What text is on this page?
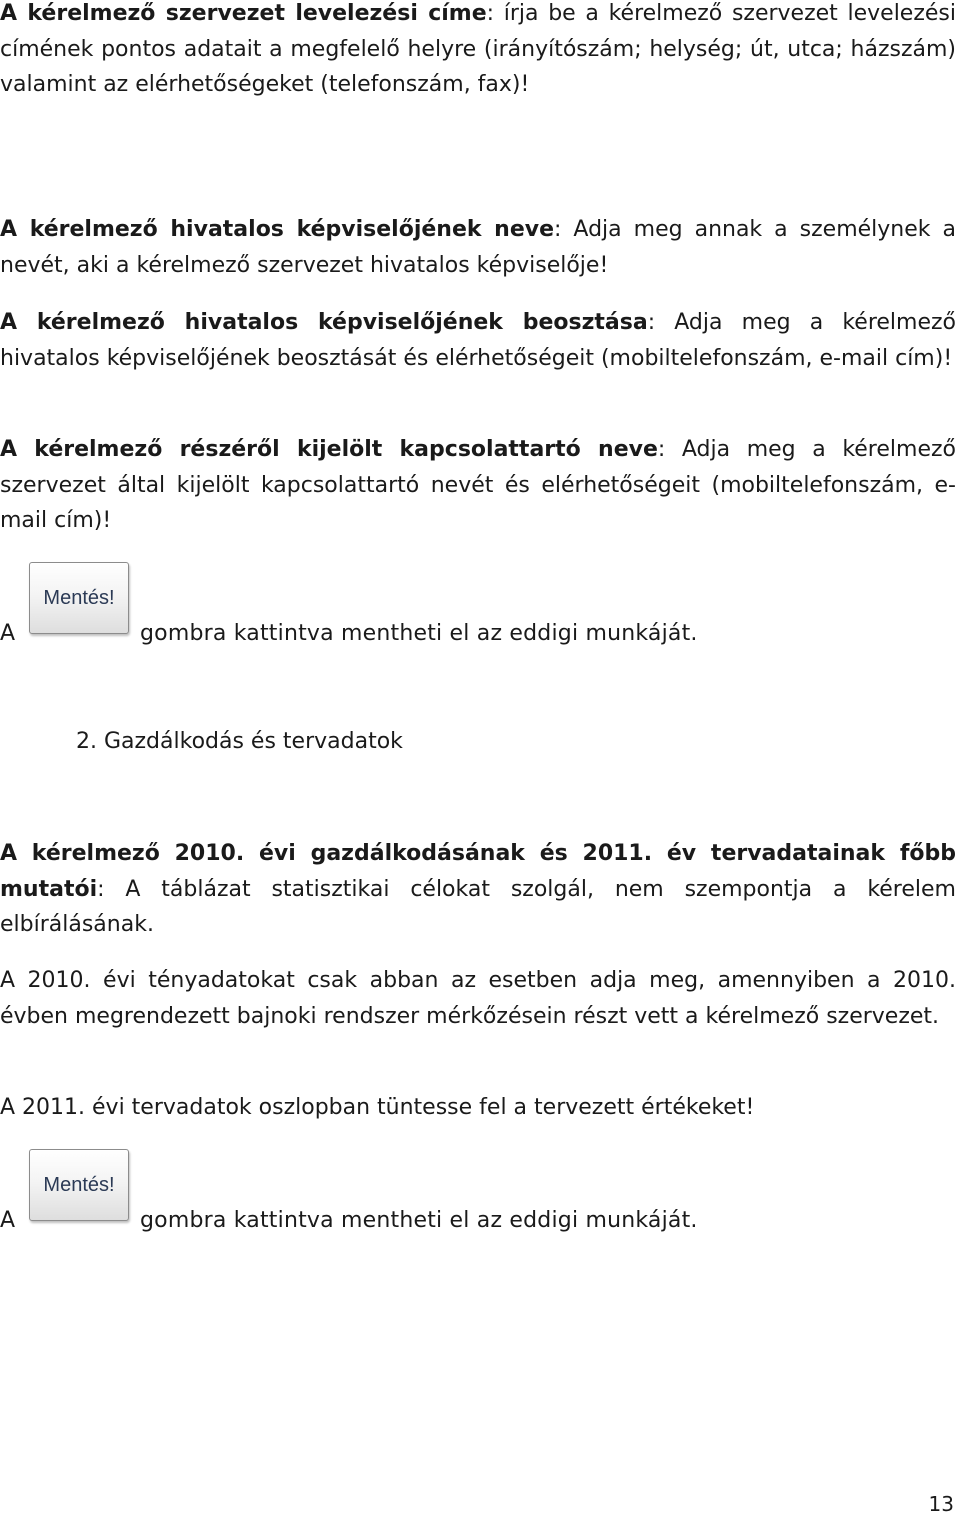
A kérelmező szervezet levelezési címe: írja be a kérelmező szervezet levelezési címének pontos adatait a megfelelő helyre (irányítószám; helység; út, utca; házszám) valamint az elérhetőségeket (telefonszám, fax)!

A kérelmező hivatalos képviselőjének neve: Adja meg annak a személynek a nevét, aki a kérelmező szervezet hivatalos képviselője!

A kérelmező hivatalos képviselőjének beosztása: Adja meg a kérelmező hivatalos képviselőjének beosztását és elérhetőségeit (mobiltelefonszám, e-mail cím)!

A kérelmező részéről kijelölt kapcsolattartó neve: Adja meg a kérelmező szervezet által kijelölt kapcsolattartó nevét és elérhetőségeit (mobiltelefonszám, e-mail cím)!

A
Mentés!
gombra kattintva mentheti el az eddigi munkáját.

2. Gazdálkodás és tervadatok

A kérelmező 2010. évi gazdálkodásának és 2011. év tervadatainak főbb mutatói: A táblázat statisztikai célokat szolgál, nem szempontja a kérelem elbírálásának.

A 2010. évi tényadatokat csak abban az esetben adja meg, amennyiben a 2010. évben megrendezett bajnoki rendszer mérkőzésein részt vett a kérelmező szervezet.

A 2011. évi tervadatok oszlopban tüntesse fel a tervezett értékeket!

A
Mentés!
gombra kattintva mentheti el az eddigi munkáját.
13
